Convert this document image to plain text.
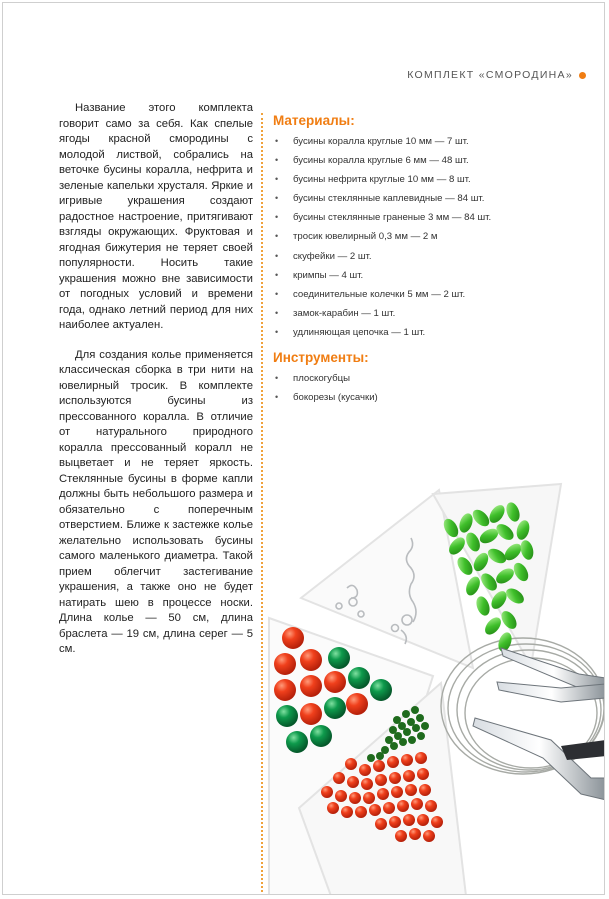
КОМПЛЕКТ «СМОРОДИНА»

Название этого комплекта говорит само за себя. Как спелые ягоды красной смородины с молодой листвой, собрались на веточке бусины коралла, нефрита и зеленые капельки хрусталя. Яркие и игривые украшения создают радостное настроение, притягивают взгляды окружающих. Фруктовая и ягодная бижутерия не теряет своей популярности. Носить такие украшения можно вне зависимости от погодных условий и времени года, однако летний период для них наиболее актуален.

Для создания колье применяется классическая сборка в три нити на ювелирный тросик. В комплекте используются бусины из прессованного коралла. В отличие от натурального природного коралла прессованный коралл не выцветает и не теряет яркость. Стеклянные бусины в форме капли должны быть небольшого размера и обязательно с поперечным отверстием. Ближе к застежке колье желательно использовать бусины самого маленького диаметра. Такой прием облегчит застегивание украшения, а также оно не будет натирать шею в процессе носки. Длина колье — 50 см, длина браслета — 19 см, длина серег — 5 см.

Материалы:
• бусины коралла круглые 10 мм — 7 шт.
• бусины коралла круглые 6 мм — 48 шт.
• бусины нефрита круглые 10 мм — 8 шт.
• бусины стеклянные каплевидные — 84 шт.
• бусины стеклянные граненые 3 мм — 84 шт.
• тросик ювелирный 0,3 мм — 2 м
• скуфейки — 2 шт.
• кримпы — 4 шт.
• соединительные колечки 5 мм — 2 шт.
• замок-карабин — 1 шт.
• удлиняющая цепочка — 1 шт.
Инструменты:
• плоскогубцы
• бокорезы (кусачки)
